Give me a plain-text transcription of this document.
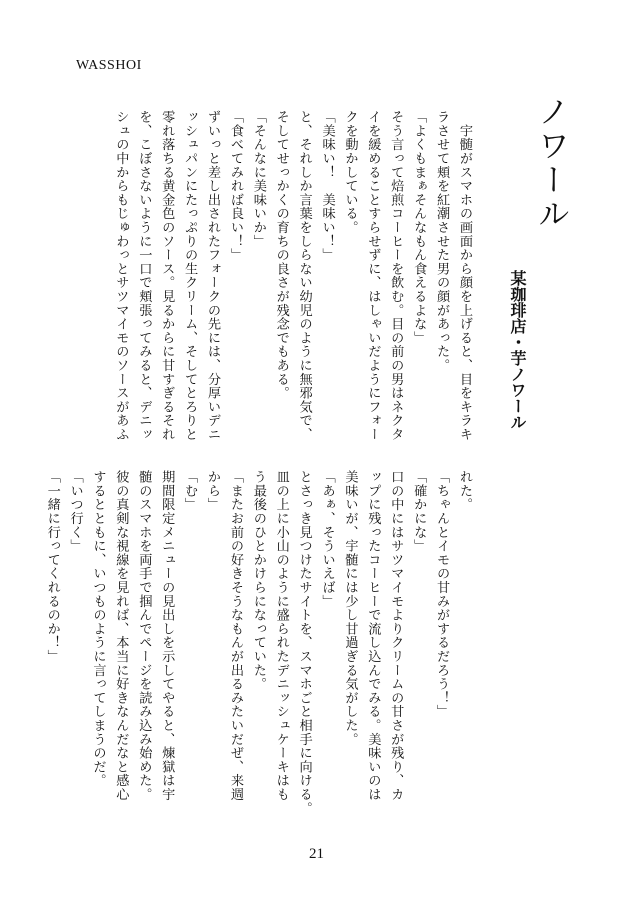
WASSHOI
ノワール
某珈琲店・芋ノワール
　宇髄がスマホの画面から顔を上げると、目をキラキ
ラさせて頬を紅潮させた男の顔があった。
「よくもまぁそんなもん食えるよな」
そう言って焙煎コーヒーを飲む。目の前の男はネクタ
イを緩めることすらせずに、はしゃいだようにフォー
クを動かしている。
「美味い！　美味い！」
と、それしか言葉をしらない幼児のように無邪気で、
そしてせっかくの育ちの良さが残念でもある。
「そんなに美味いか」
「食べてみれば良い！」
ずいっと差し出されたフォークの先には、分厚いデニ
ッシュパンにたっぷりの生クリーム、そしてとろりと
零れ落ちる黄金色のソース。見るからに甘すぎるそれ
を、こぼさないように一口で頬張ってみると、デニッ
シュの中からもじゅわっとサツマイモのソースがあふ
れた。
「ちゃんとイモの甘みがするだろう！」
「確かにな」
口の中にはサツマイモよりクリームの甘さが残り、カ
ップに残ったコーヒーで流し込んでみる。美味いのは
美味いが、宇髄には少し甘過ぎる気がした。
「あぁ、そういえば」
とさっき見つけたサイトを、スマホごと相手に向ける。
皿の上に小山のように盛られたデニッシュケーキはも
う最後のひとかけらになっていた。
「またお前の好きそうなもんが出るみたいだぜ、来週
から」
「む」
期間限定メニューの見出しを示してやると、煉獄は宇
髄のスマホを両手で掴んでページを読み込み始めた。
彼の真剣な視線を見れば、本当に好きなんだなと感心
するとともに、いつものように言ってしまうのだ。
「いつ行く」
「一緒に行ってくれるのか！」
21
